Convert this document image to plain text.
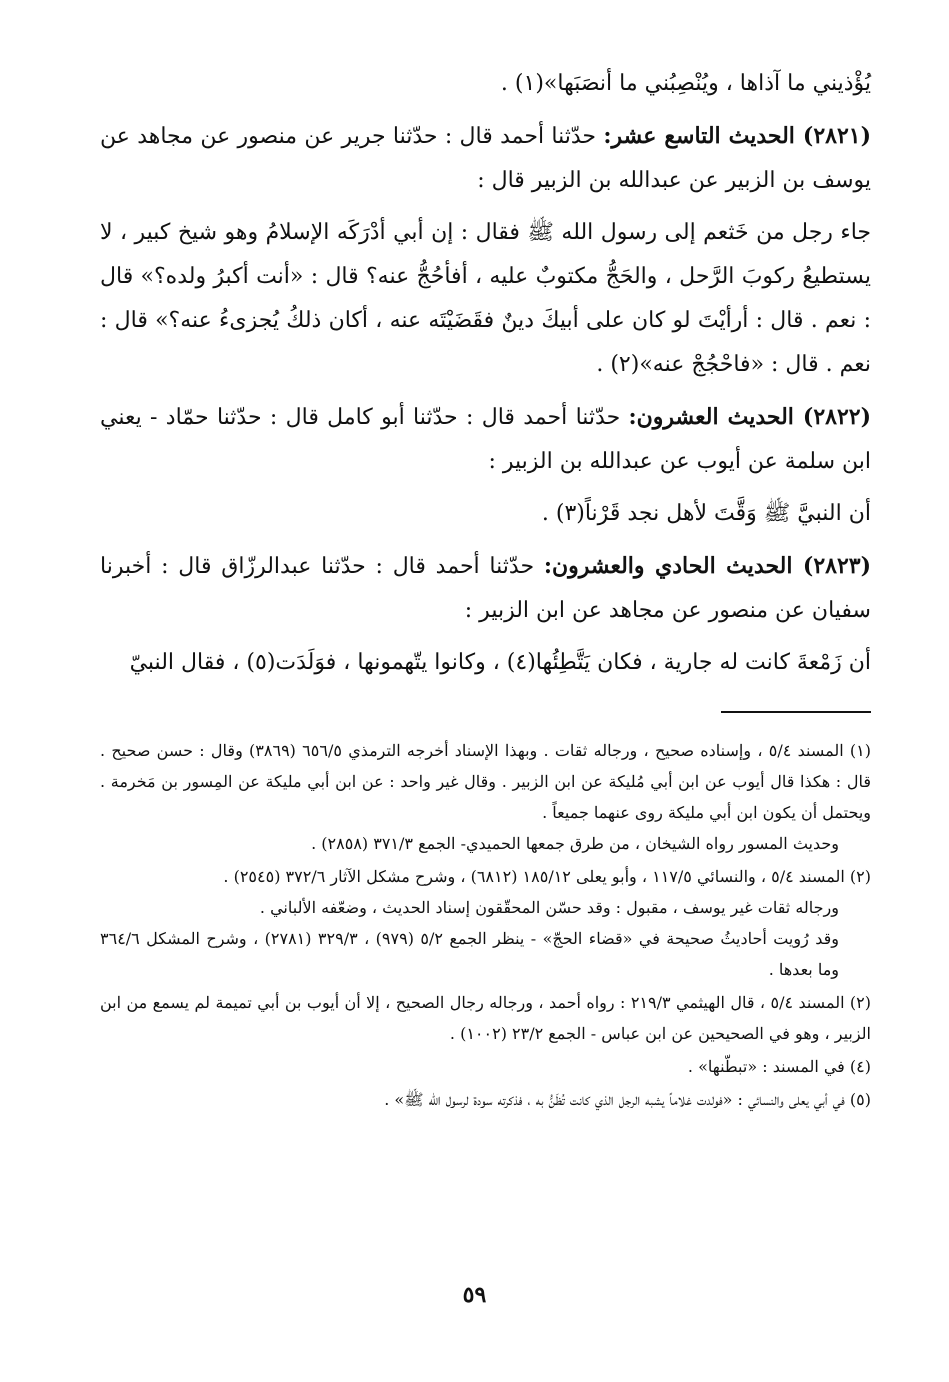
يُؤْذيني ما آذاها ، ويُنْصِبُني ما أنصَبَها»(١) .

(٢٨٢١) الحديث التاسع عشر: حدّثنا أحمد قال : حدّثنا جرير عن منصور عن مجاهد عن يوسف بن الزبير عن عبدالله بن الزبير قال :

جاء رجل من خَثعم إلى رسول الله ﷺ فقال : إن أبي أدْرَكَه الإسلامُ وهو شيخ كبير ، لا يستطيعُ ركوبَ الرَّحل ، والحَجُّ مكتوبٌ عليه ، أفأحُجُّ عنه؟ قال : «أنت أكبرُ ولده؟» قال : نعم . قال : أرأيْتَ لو كان على أبيكَ دينٌ فقَضَيْتَه عنه ، أكان ذلكُ يُجزىءُ عنه؟» قال : نعم . قال : «فاحْجُجْ عنه»(٢) .

(٢٨٢٢) الحديث العشرون: حدّثنا أحمد قال : حدّثنا أبو كامل قال : حدّثنا حمّاد - يعني ابن سلمة عن أيوب عن عبدالله بن الزبير :

أن النبيَّ ﷺ وَقَّتَ لأهل نجد قَرْناً(٣) .

(٢٨٢٣) الحديث الحادي والعشرون: حدّثنا أحمد قال : حدّثنا عبدالرزّاق قال : أخبرنا سفيان عن منصور عن مجاهد عن ابن الزبير :

أن زَمْعةَ كانت له جارية ، فكان يَتَّطِئُها(٤) ، وكانوا يتّهمونها ، فوَلَدَت(٥) ، فقال النبيّ

(١) المسند ٥/٤ ، وإسناده صحيح ، ورجاله ثقات . وبهذا الإسناد أخرجه الترمذي ٦٥٦/٥ (٣٨٦٩) وقال : حسن صحيح . قال : هكذا قال أيوب عن ابن أبي مُليكة عن ابن الزبير . وقال غير واحد : عن ابن أبي مليكة عن المِسور بن مَخرمة . ويحتمل أن يكون ابن أبي مليكة روى عنهما جميعاً .

وحديث المسور رواه الشيخان ، من طرق جمعها الحميدي- الجمع ٣٧١/٣ (٢٨٥٨) .

(٢) المسند ٥/٤ ، والنسائي ١١٧/٥ ، وأبو يعلى ١٨٥/١٢ (٦٨١٢) ، وشرح مشكل الآثار ٣٧٢/٦ (٢٥٤٥) .

ورجاله ثقات غير يوسف ، مقبول : وقد حسّن المحقّقون إسناد الحديث ، وضعّفه الألباني .

وقد رُويت أحاديثُ صحيحة في «قضاء الحجّ» - ينظر الجمع ٥/٢ (٩٧٩) ، ٣٢٩/٣ (٢٧٨١) ، وشرح المشكل ٣٦٤/٦ وما بعدها .

(٢) المسند ٥/٤ ، قال الهيثمي ٢١٩/٣ : رواه أحمد ، ورجاله رجال الصحيح ، إلا أن أيوب بن أبي تميمة لم يسمع من ابن الزبير ، وهو في الصحيحين عن ابن عباس - الجمع ٢٣/٢ (١٠٠٢) .

(٤) في المسند : «تبطّنها» .

(٥) في أبي يعلى والنسائي : «فولدت غلاماً يشبه الرجل الذي كانت تُظَنُّ به ، فذكرته سودة لرسول الله ﷺ» .

٥٩
